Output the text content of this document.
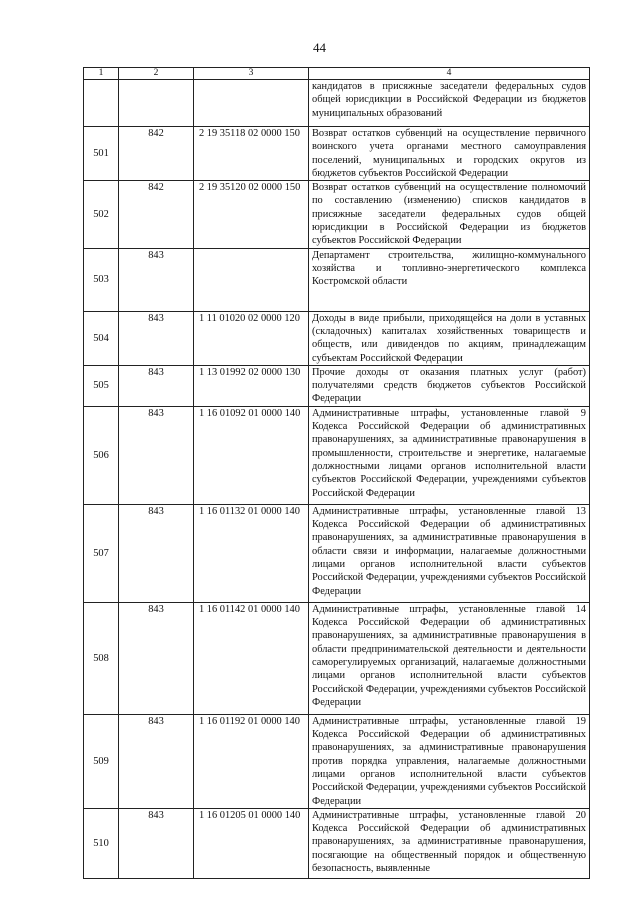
44
1	2	3	4
			кандидатов в присяжные заседатели федеральных судов общей юрисдикции в Российской Федерации из бюджетов муниципальных образований
501	842	2 19 35118 02 0000 150	Возврат остатков субвенций на осуществление первичного воинского учета органами местного самоуправления поселений, муниципальных и городских округов из бюджетов субъектов Российской Федерации
502	842	2 19 35120 02 0000 150	Возврат остатков субвенций на осуществление полномочий по составлению (изменению) списков кандидатов в присяжные заседатели федеральных судов общей юрисдикции в Российской Федерации из бюджетов субъектов Российской Федерации
503	843		Департамент строительства, жилищно-коммунального хозяйства и топливно-энергетического комплекса Костромской области
504	843	1 11 01020 02 0000 120	Доходы в виде прибыли, приходящейся на доли в уставных (складочных) капиталах хозяйственных товариществ и обществ, или дивидендов по акциям, принадлежащим субъектам Российской Федерации
505	843	1 13 01992 02 0000 130	Прочие доходы от оказания платных услуг (работ) получателями средств бюджетов субъектов Российской Федерации
506	843	1 16 01092 01 0000 140	Административные штрафы, установленные главой 9 Кодекса Российской Федерации об административных правонарушениях, за административные правонарушения в промышленности, строительстве и энергетике, налагаемые должностными лицами органов исполнительной власти субъектов Российской Федерации, учреждениями субъектов Российской Федерации
507	843	1 16 01132 01 0000 140	Административные штрафы, установленные главой 13 Кодекса Российской Федерации об административных правонарушениях, за административные правонарушения в области связи и информации, налагаемые должностными лицами органов исполнительной власти субъектов Российской Федерации, учреждениями субъектов Российской Федерации
508	843	1 16 01142 01 0000 140	Административные штрафы, установленные главой 14 Кодекса Российской Федерации об административных правонарушениях, за административные правонарушения в области предпринимательской деятельности и деятельности саморегулируемых организаций, налагаемые должностными лицами органов исполнительной власти субъектов Российской Федерации, учреждениями субъектов Российской Федерации
509	843	1 16 01192 01 0000 140	Административные штрафы, установленные главой 19 Кодекса Российской Федерации об административных правонарушениях, за административные правонарушения против порядка управления, налагаемые должностными лицами органов исполнительной власти субъектов Российской Федерации, учреждениями субъектов Российской Федерации
510	843	1 16 01205 01 0000 140	Административные штрафы, установленные главой 20 Кодекса Российской Федерации об административных правонарушениях, за административные правонарушения, посягающие на общественный порядок и общественную безопасность, выявленные
